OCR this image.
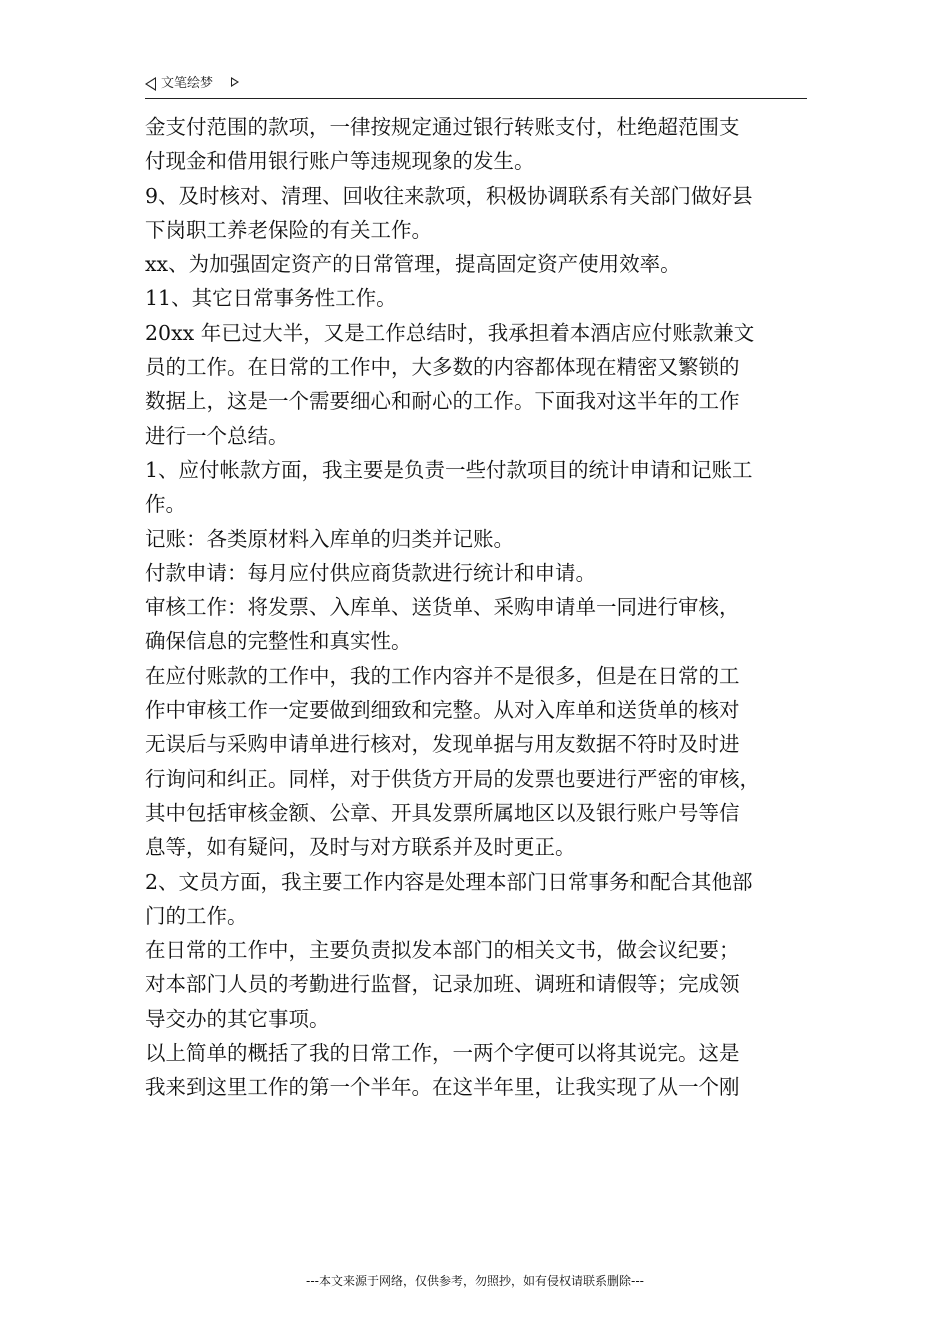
文笔绘梦

金支付范围的款项，一律按规定通过银行转账支付，杜绝超范围支
付现金和借用银行账户等违规现象的发生。

9、及时核对、清理、回收往来款项，积极协调联系有关部门做好县
下岗职工养老保险的有关工作。

xx、为加强固定资产的日常管理，提高固定资产使用效率。

11、其它日常事务性工作。

20xx 年已过大半，又是工作总结时，我承担着本酒店应付账款兼文
员的工作。在日常的工作中，大多数的内容都体现在精密又繁锁的
数据上，这是一个需要细心和耐心的工作。下面我对这半年的工作
进行一个总结。

1、应付帐款方面，我主要是负责一些付款项目的统计申请和记账工
作。

记账：各类原材料入库单的归类并记账。

付款申请：每月应付供应商货款进行统计和申请。

审核工作：将发票、入库单、送货单、采购申请单一同进行审核，
确保信息的完整性和真实性。

在应付账款的工作中，我的工作内容并不是很多，但是在日常的工
作中审核工作一定要做到细致和完整。从对入库单和送货单的核对
无误后与采购申请单进行核对，发现单据与用友数据不符时及时进
行询问和纠正。同样，对于供货方开局的发票也要进行严密的审核，
其中包括审核金额、公章、开具发票所属地区以及银行账户号等信
息等，如有疑问，及时与对方联系并及时更正。

2、文员方面，我主要工作内容是处理本部门日常事务和配合其他部
门的工作。

在日常的工作中，主要负责拟发本部门的相关文书，做会议纪要；
对本部门人员的考勤进行监督，记录加班、调班和请假等；完成领
导交办的其它事项。

以上简单的概括了我的日常工作，一两个字便可以将其说完。这是
我来到这里工作的第一个半年。在这半年里，让我实现了从一个刚

---本文来源于网络，仅供参考，勿照抄，如有侵权请联系删除---
